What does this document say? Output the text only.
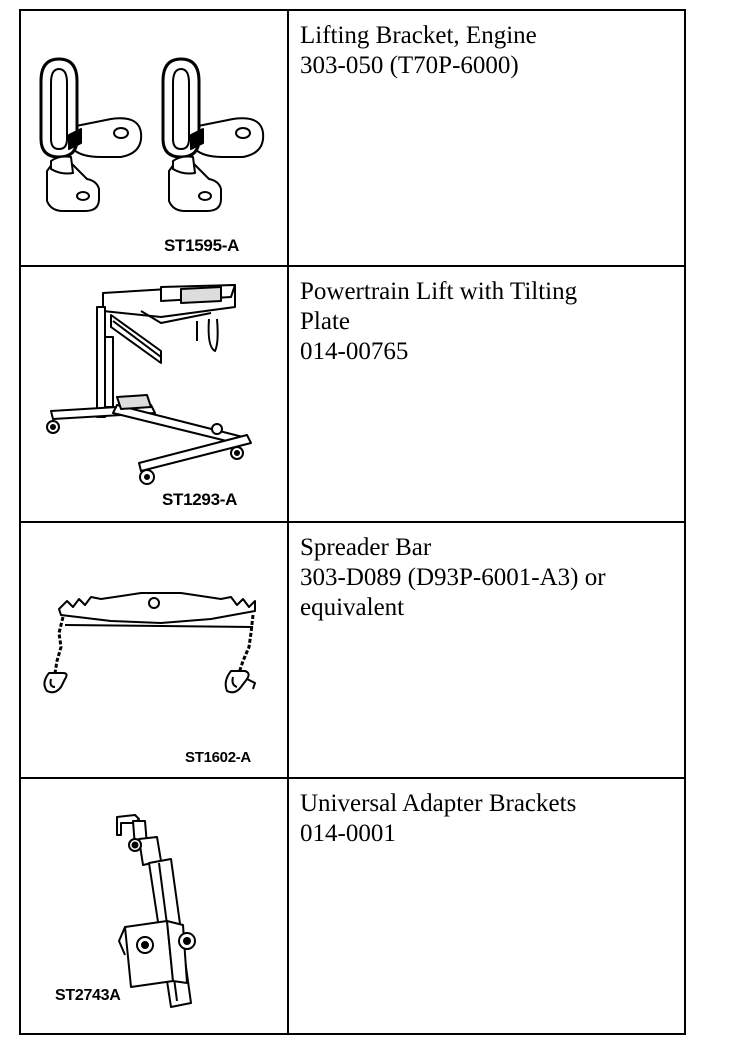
ST1595-A	Lifting Bracket, Engine
303-050 (T70P-6000)

ST1293-A	Powertrain Lift with Tilting
Plate
014-00765

ST1602-A	Spreader Bar
303-D089 (D93P-6001-A3) or
equivalent

ST2743A	Universal Adapter Brackets
014-0001
